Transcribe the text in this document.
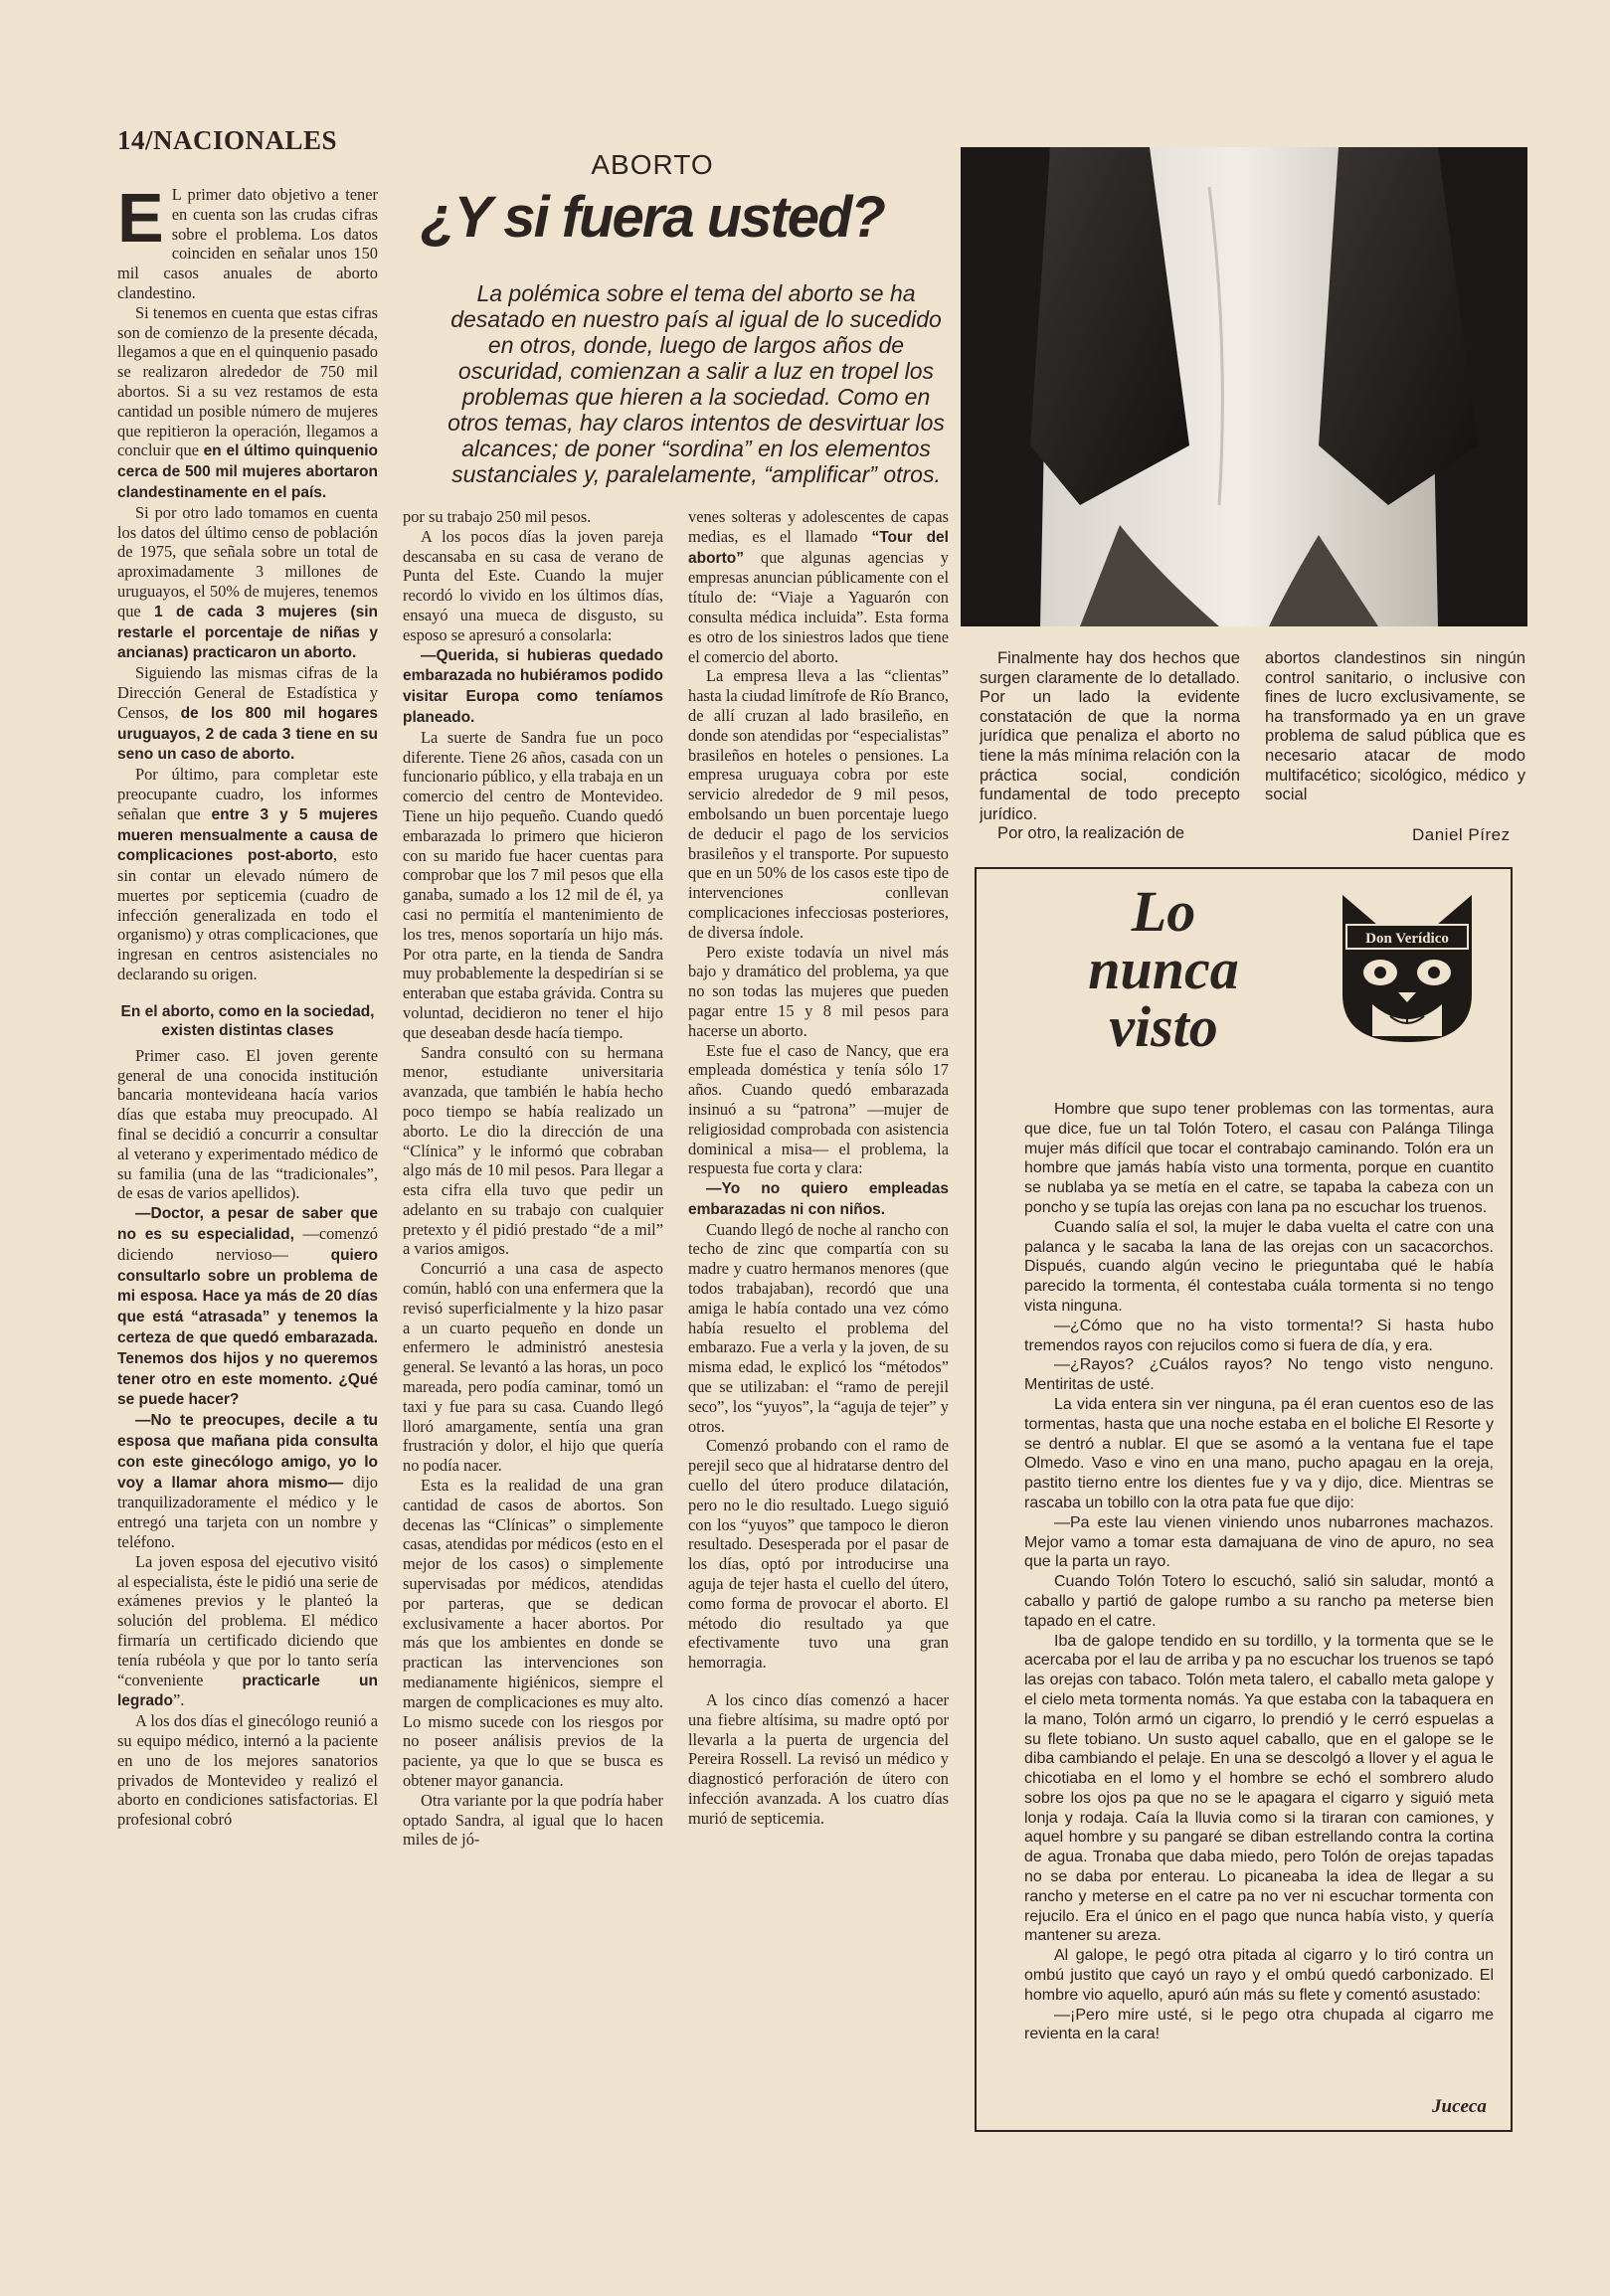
14/NACIONALES
ABORTO
¿Y si fuera usted?
La polémica sobre el tema del aborto se ha desatado en nuestro país al igual de lo sucedido en otros, donde, luego de largos años de oscuridad, comienzan a salir a luz en tropel los problemas que hieren a la sociedad. Como en otros temas, hay claros intentos de desvirtuar los alcances; de poner “sordina” en los elementos sustanciales y, paralelamente, “amplificar” otros.

E L primer dato objetivo a tener en cuenta son las crudas cifras sobre el problema. Los datos coinciden en señalar unos 150 mil casos anuales de aborto clandestino.

Si tenemos en cuenta que estas cifras son de comienzo de la presente década, llegamos a que en el quinquenio pasado se realizaron alrededor de 750 mil abortos. Si a su vez restamos de esta cantidad un posible número de mujeres que repitieron la operación, llegamos a concluir que en el último quinquenio cerca de 500 mil mujeres abortaron clandestinamente en el país.

Si por otro lado tomamos en cuenta los datos del último censo de población de 1975, que señala sobre un total de aproximadamente 3 millones de uruguayos, el 50% de mujeres, tenemos que 1 de cada 3 mujeres (sin restarle el porcentaje de niñas y ancianas) practicaron un aborto.

Siguiendo las mismas cifras de la Dirección General de Estadística y Censos, de los 800 mil hogares uruguayos, 2 de cada 3 tiene en su seno un caso de aborto.

Por último, para completar este preocupante cuadro, los informes señalan que entre 3 y 5 mujeres mueren mensualmente a causa de complicaciones post-aborto, esto sin contar un elevado número de muertes por septicemia (cuadro de infección generalizada en todo el organismo) y otras complicaciones, que ingresan en centros asistenciales no declarando su origen.

En el aborto, como en la sociedad, existen distintas clases

Primer caso. El joven gerente general de una conocida institución bancaria montevideana hacía varios días que estaba muy preocupado. Al final se decidió a concurrir a consultar al veterano y experimentado médico de su familia (una de las “tradicionales”, de esas de varios apellidos).

—Doctor, a pesar de saber que no es su especialidad, —comenzó diciendo nervioso— quiero consultarlo sobre un problema de mi esposa. Hace ya más de 20 días que está “atrasada” y tenemos la certeza de que quedó embarazada. Tenemos dos hijos y no queremos tener otro en este momento. ¿Qué se puede hacer?

—No te preocupes, decile a tu esposa que mañana pida consulta con este ginecólogo amigo, yo lo voy a llamar ahora mismo— dijo tranquilizadoramente el médico y le entregó una tarjeta con un nombre y teléfono.

La joven esposa del ejecutivo visitó al especialista, éste le pidió una serie de exámenes previos y le planteó la solución del problema. El médico firmaría un certificado diciendo que tenía rubéola y que por lo tanto sería “conveniente practicarle un legrado”.

A los dos días el ginecólogo reunió a su equipo médico, internó a la paciente en uno de los mejores sanatorios privados de Montevideo y realizó el aborto en condiciones satisfactorias. El profesional cobró

por su trabajo 250 mil pesos.

A los pocos días la joven pareja descansaba en su casa de verano de Punta del Este. Cuando la mujer recordó lo vivido en los últimos días, ensayó una mueca de disgusto, su esposo se apresuró a consolarla:

—Querida, si hubieras quedado embarazada no hubiéramos podido visitar Europa como teníamos planeado.

La suerte de Sandra fue un poco diferente. Tiene 26 años, casada con un funcionario público, y ella trabaja en un comercio del centro de Montevideo. Tiene un hijo pequeño. Cuando quedó embarazada lo primero que hicieron con su marido fue hacer cuentas para comprobar que los 7 mil pesos que ella ganaba, sumado a los 12 mil de él, ya casi no permitía el mantenimiento de los tres, menos soportaría un hijo más. Por otra parte, en la tienda de Sandra muy probablemente la despedirían si se enteraban que estaba grávida. Contra su voluntad, decidieron no tener el hijo que deseaban desde hacía tiempo.

Sandra consultó con su hermana menor, estudiante universitaria avanzada, que también le había hecho poco tiempo se había realizado un aborto. Le dio la dirección de una “Clínica” y le informó que cobraban algo más de 10 mil pesos. Para llegar a esta cifra ella tuvo que pedir un adelanto en su trabajo con cualquier pretexto y él pidió prestado “de a mil” a varios amigos.

Concurrió a una casa de aspecto común, habló con una enfermera que la revisó superficialmente y la hizo pasar a un cuarto pequeño en donde un enfermero le administró anestesia general. Se levantó a las horas, un poco mareada, pero podía caminar, tomó un taxi y fue para su casa. Cuando llegó lloró amargamente, sentía una gran frustración y dolor, el hijo que quería no podía nacer.

Esta es la realidad de una gran cantidad de casos de abortos. Son decenas las “Clínicas” o simplemente casas, atendidas por médicos (esto en el mejor de los casos) o simplemente supervisadas por médicos, atendidas por parteras, que se dedican exclusivamente a hacer abortos. Por más que los ambientes en donde se practican las intervenciones son medianamente higiénicos, siempre el margen de complicaciones es muy alto. Lo mismo sucede con los riesgos por no poseer análisis previos de la paciente, ya que lo que se busca es obtener mayor ganancia.

Otra variante por la que podría haber optado Sandra, al igual que lo hacen miles de jó-

venes solteras y adolescentes de capas medias, es el llamado “Tour del aborto” que algunas agencias y empresas anuncian públicamente con el título de: “Viaje a Yaguarón con consulta médica incluida”. Esta forma es otro de los siniestros lados que tiene el comercio del aborto.

La empresa lleva a las “clientas” hasta la ciudad limítrofe de Río Branco, de allí cruzan al lado brasileño, en donde son atendidas por “especialistas” brasileños en hoteles o pensiones. La empresa uruguaya cobra por este servicio alrededor de 9 mil pesos, embolsando un buen porcentaje luego de deducir el pago de los servicios brasileños y el transporte. Por supuesto que en un 50% de los casos este tipo de intervenciones conllevan complicaciones infecciosas posteriores, de diversa índole.

Pero existe todavía un nivel más bajo y dramático del problema, ya que no son todas las mujeres que pueden pagar entre 15 y 8 mil pesos para hacerse un aborto.

Este fue el caso de Nancy, que era empleada doméstica y tenía sólo 17 años. Cuando quedó embarazada insinuó a su “patrona” —mujer de religiosidad comprobada con asistencia dominical a misa— el problema, la respuesta fue corta y clara:

—Yo no quiero empleadas embarazadas ni con niños.

Cuando llegó de noche al rancho con techo de zinc que compartía con su madre y cuatro hermanos menores (que todos trabajaban), recordó que una amiga le había contado una vez cómo había resuelto el problema del embarazo. Fue a verla y la joven, de su misma edad, le explicó los “métodos” que se utilizaban: el “ramo de perejil seco”, los “yuyos”, la “aguja de tejer” y otros.

Comenzó probando con el ramo de perejil seco que al hidratarse dentro del cuello del útero produce dilatación, pero no le dio resultado. Luego siguió con los “yuyos” que tampoco le dieron resultado. Desesperada por el pasar de los días, optó por introducirse una aguja de tejer hasta el cuello del útero, como forma de provocar el aborto. El método dio resultado ya que efectivamente tuvo una gran hemorragia.

A los cinco días comenzó a hacer una fiebre altísima, su madre optó por llevarla a la puerta de urgencia del Pereira Rossell. La revisó un médico y diagnosticó perforación de útero con infección avanzada. A los cuatro días murió de septicemia.

Finalmente hay dos hechos que surgen claramente de lo detallado. Por un lado la evidente constatación de que la norma jurídica que penaliza el aborto no tiene la más mínima relación con la práctica social, condición fundamental de todo precepto jurídico.

Por otro, la realización de

abortos clandestinos sin ningún control sanitario, o inclusive con fines de lucro exclusivamente, se ha transformado ya en un grave problema de salud pública que es necesario atacar de modo multifacético; sicológico, médico y social

Daniel Pírez
Lo
nunca
visto
Don Verídico

Hombre que supo tener problemas con las tormentas, aura que dice, fue un tal Tolón Totero, el casau con Palánga Tilinga mujer más difícil que tocar el contrabajo caminando. Tolón era un hombre que jamás había visto una tormenta, porque en cuantito se nublaba ya se metía en el catre, se tapaba la cabeza con un poncho y se tupía las orejas con lana pa no escuchar los truenos.

Cuando salía el sol, la mujer le daba vuelta el catre con una palanca y le sacaba la lana de las orejas con un sacacorchos. Dispués, cuando algún vecino le prieguntaba qué le había parecido la tormenta, él contestaba cuála tormenta si no tengo vista ninguna.

—¿Cómo que no ha visto tormenta!? Si hasta hubo tremendos rayos con rejucilos como si fuera de día, y era.

—¿Rayos? ¿Cuálos rayos? No tengo visto nenguno. Mentiritas de usté.

La vida entera sin ver ninguna, pa él eran cuentos eso de las tormentas, hasta que una noche estaba en el boliche El Resorte y se dentró a nublar. El que se asomó a la ventana fue el tape Olmedo. Vaso e vino en una mano, pucho apagau en la oreja, pastito tierno entre los dientes fue y va y dijo, dice. Mientras se rascaba un tobillo con la otra pata fue que dijo:

—Pa este lau vienen viniendo unos nubarrones machazos. Mejor vamo a tomar esta damajuana de vino de apuro, no sea que la parta un rayo.

Cuando Tolón Totero lo escuchó, salió sin saludar, montó a caballo y partió de galope rumbo a su rancho pa meterse bien tapado en el catre.

Iba de galope tendido en su tordillo, y la tormenta que se le acercaba por el lau de arriba y pa no escuchar los truenos se tapó las orejas con tabaco. Tolón meta talero, el caballo meta galope y el cielo meta tormenta nomás. Ya que estaba con la tabaquera en la mano, Tolón armó un cigarro, lo prendió y le cerró espuelas a su flete tobiano. Un susto aquel caballo, que en el galope se le diba cambiando el pelaje. En una se descolgó a llover y el agua le chicotiaba en el lomo y el hombre se echó el sombrero aludo sobre los ojos pa que no se le apagara el cigarro y siguió meta lonja y rodaja. Caía la lluvia como si la tiraran con camiones, y aquel hombre y su pangaré se diban estrellando contra la cortina de agua. Tronaba que daba miedo, pero Tolón de orejas tapadas no se daba por enterau. Lo picaneaba la idea de llegar a su rancho y meterse en el catre pa no ver ni escuchar tormenta con rejucilo. Era el único en el pago que nunca había visto, y quería mantener su areza.

Al galope, le pegó otra pitada al cigarro y lo tiró contra un ombú justito que cayó un rayo y el ombú quedó carbonizado. El hombre vio aquello, apuró aún más su flete y comentó asustado:

—¡Pero mire usté, si le pego otra chupada al cigarro me revienta en la cara!

Juceca
